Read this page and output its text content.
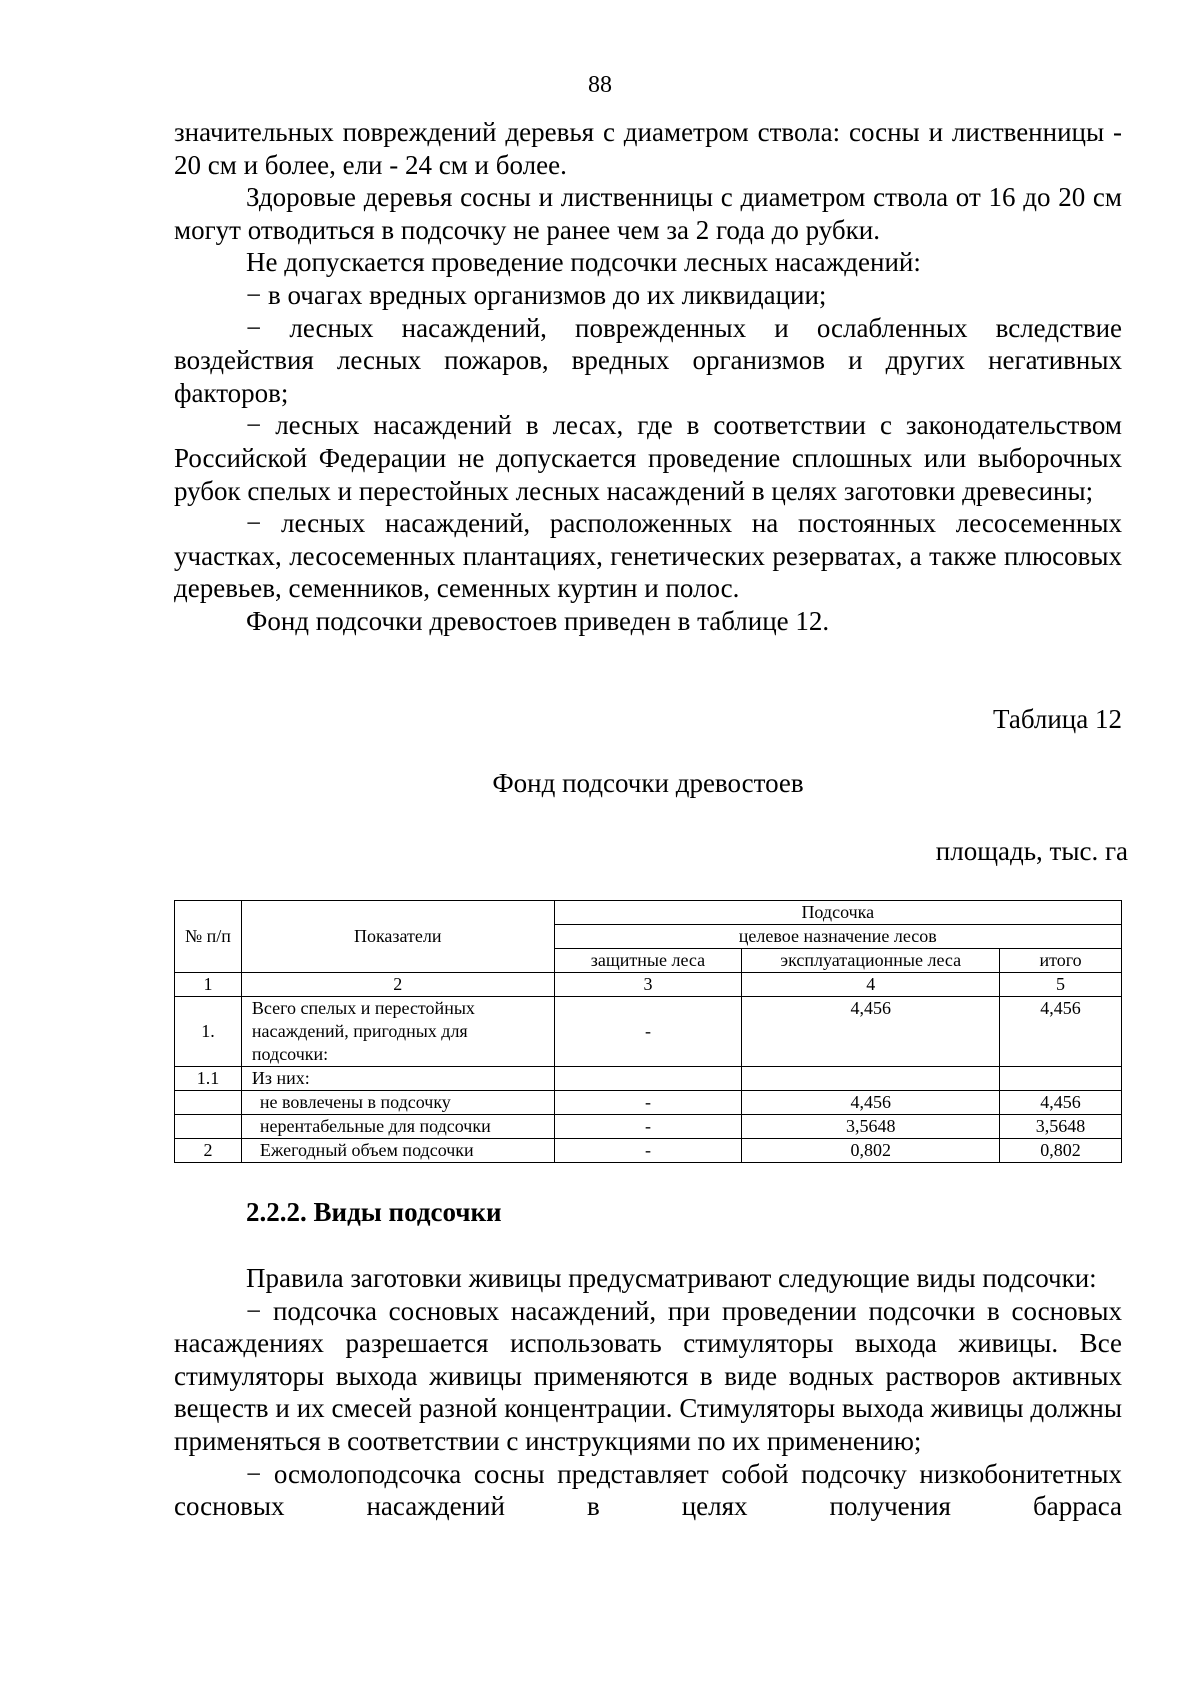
88

значительных повреждений деревья с диаметром ствола: сосны и лиственницы - 20 см и более, ели - 24 см и более.

Здоровые деревья сосны и лиственницы с диаметром ствола от 16 до 20 см могут отводиться в подсочку не ранее чем за 2 года до рубки.

Не допускается проведение подсочки лесных насаждений:

− в очагах вредных организмов до их ликвидации;

− лесных насаждений, поврежденных и ослабленных вследствие воздействия лесных пожаров, вредных организмов и других негативных факторов;

− лесных насаждений в лесах, где в соответствии с законодательством Российской Федерации не допускается проведение сплошных или выборочных рубок спелых и перестойных лесных насаждений в целях заготовки древесины;

− лесных насаждений, расположенных на постоянных лесосеменных участках, лесосеменных плантациях, генетических резерватах, а также плюсовых деревьев, семенников, семенных куртин и полос.

Фонд подсочки древостоев приведен в таблице 12.

Таблица 12
Фонд подсочки древостоев
площадь, тыс. га
№ п/п	Показатели	Подсочка		
		целевое назначение лесов		
		защитные леса	эксплуатационные леса	итого
1	2	3	4	5
1.	Всего спелых и перестойных насаждений, пригодных для подсочки:	-	4,456	4,456
1.1	Из них:			
	не вовлечены в подсочку	-	4,456	4,456
	нерентабельные для подсочки	-	3,5648	3,5648
2	Ежегодный объем подсочки	-	0,802	0,802
2.2.2. Виды подсочки

Правила заготовки живицы предусматривают следующие виды подсочки:

− подсочка сосновых насаждений, при проведении подсочки в сосновых насаждениях разрешается использовать стимуляторы выхода живицы. Все стимуляторы выхода живицы применяются в виде водных растворов активных веществ и их смесей разной концентрации. Стимуляторы выхода живицы должны применяться в соответствии с инструкциями по их применению;

− осмолоподсочка сосны представляет собой подсочку низкобонитетных сосновых насаждений в целях получения барраса
